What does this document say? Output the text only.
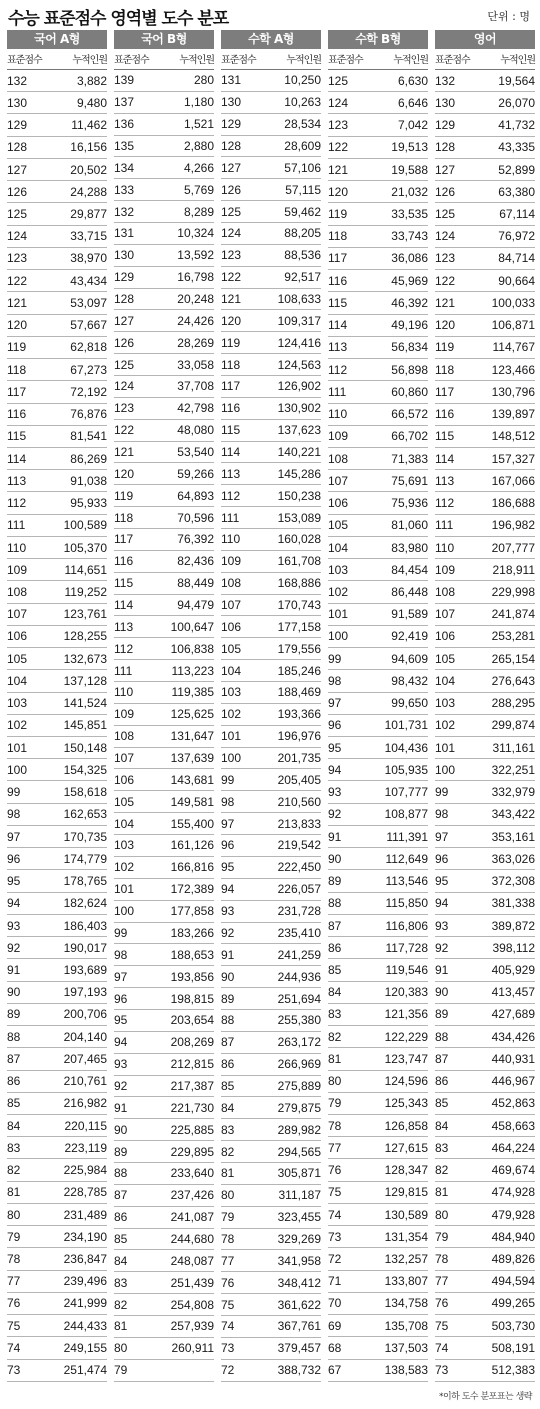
수능 표준점수 영역별 도수 분포	단위 : 명
국어 A형
표준점수	누적인원
132	3,882
130	9,480
129	11,462
128	16,156
127	20,502
126	24,288
125	29,877
124	33,715
123	38,970
122	43,434
121	53,097
120	57,667
119	62,818
118	67,273
117	72,192
116	76,876
115	81,541
114	86,269
113	91,038
112	95,933
111	100,589
110	105,370
109	114,651
108	119,252
107	123,761
106	128,255
105	132,673
104	137,128
103	141,524
102	145,851
101	150,148
100	154,325
99	158,618
98	162,653
97	170,735
96	174,779
95	178,765
94	182,624
93	186,403
92	190,017
91	193,689
90	197,193
89	200,706
88	204,140
87	207,465
86	210,761
85	216,982
84	220,115
83	223,119
82	225,984
81	228,785
80	231,489
79	234,190
78	236,847
77	239,496
76	241,999
75	244,433
74	249,155
73	251,474
국어 B형
표준점수	누적인원
139	280
137	1,180
136	1,521
135	2,880
134	4,266
133	5,769
132	8,289
131	10,324
130	13,592
129	16,798
128	20,248
127	24,426
126	28,269
125	33,058
124	37,708
123	42,798
122	48,080
121	53,540
120	59,266
119	64,893
118	70,596
117	76,392
116	82,436
115	88,449
114	94,479
113	100,647
112	106,838
111	113,223
110	119,385
109	125,625
108	131,647
107	137,639
106	143,681
105	149,581
104	155,400
103	161,126
102	166,816
101	172,389
100	177,858
99	183,266
98	188,653
97	193,856
96	198,815
95	203,654
94	208,269
93	212,815
92	217,387
91	221,730
90	225,885
89	229,895
88	233,640
87	237,426
86	241,087
85	244,680
84	248,087
83	251,439
82	254,808
81	257,939
80	260,911
79
수학 A형
표준점수	누적인원
131	10,250
130	10,263
129	28,534
128	28,609
127	57,106
126	57,115
125	59,462
124	88,205
123	88,536
122	92,517
121	108,633
120	109,317
119	124,416
118	124,563
117	126,902
116	130,902
115	137,623
114	140,221
113	145,286
112	150,238
111	153,089
110	160,028
109	161,708
108	168,886
107	170,743
106	177,158
105	179,556
104	185,246
103	188,469
102	193,366
101	196,976
100	201,735
99	205,405
98	210,560
97	213,833
96	219,542
95	222,450
94	226,057
93	231,728
92	235,410
91	241,259
90	244,936
89	251,694
88	255,380
87	263,172
86	266,969
85	275,889
84	279,875
83	289,982
82	294,565
81	305,871
80	311,187
79	323,455
78	329,269
77	341,958
76	348,412
75	361,622
74	367,761
73	379,457
72	388,732
수학 B형
표준점수	누적인원
125	6,630
124	6,646
123	7,042
122	19,513
121	19,588
120	21,032
119	33,535
118	33,743
117	36,086
116	45,969
115	46,392
114	49,196
113	56,834
112	56,898
111	60,860
110	66,572
109	66,702
108	71,383
107	75,691
106	75,936
105	81,060
104	83,980
103	84,454
102	86,448
101	91,589
100	92,419
99	94,609
98	98,432
97	99,650
96	101,731
95	104,436
94	105,935
93	107,777
92	108,877
91	111,391
90	112,649
89	113,546
88	115,850
87	116,806
86	117,728
85	119,546
84	120,383
83	121,356
82	122,229
81	123,747
80	124,596
79	125,343
78	126,858
77	127,615
76	128,347
75	129,815
74	130,589
73	131,354
72	132,257
71	133,807
70	134,758
69	135,708
68	137,503
67	138,583
영어
표준점수	누적인원
132	19,564
130	26,070
129	41,732
128	43,335
127	52,899
126	63,380
125	67,114
124	76,972
123	84,714
122	90,664
121	100,033
120	106,871
119	114,767
118	123,466
117	130,796
116	139,897
115	148,512
114	157,327
113	167,066
112	186,688
111	196,982
110	207,777
109	218,911
108	229,998
107	241,874
106	253,281
105	265,154
104	276,643
103	288,295
102	299,874
101	311,161
100	322,251
99	332,979
98	343,422
97	353,161
96	363,026
95	372,308
94	381,338
93	389,872
92	398,112
91	405,929
90	413,457
89	427,689
88	434,426
87	440,931
86	446,967
85	452,863
84	458,663
83	464,224
82	469,674
81	474,928
80	479,928
79	484,940
78	489,826
77	494,594
76	499,265
75	503,730
74	508,191
73	512,383
*이하 도수 분포표는 생략
